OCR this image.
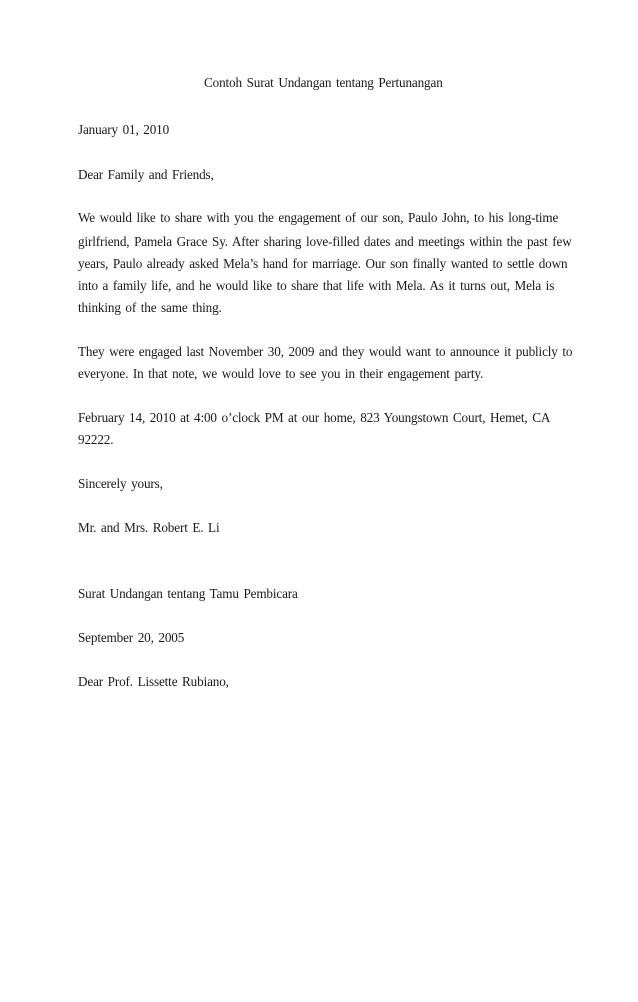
Contoh Surat Undangan tentang Pertunangan

January 01, 2010

Dear Family and Friends,

We would like to share with you the engagement of our son, Paulo John, to his long-time

girlfriend, Pamela Grace Sy. After sharing love-filled dates and meetings within the past few

years, Paulo already asked Mela’s hand for marriage. Our son finally wanted to settle down

into a family life, and he would like to share that life with Mela. As it turns out, Mela is

thinking of the same thing.

They were engaged last November 30, 2009 and they would want to announce it publicly to

everyone. In that note, we would love to see you in their engagement party.

February 14, 2010 at 4:00 o’clock PM at our home, 823 Youngstown Court, Hemet, CA

92222.

Sincerely yours,

Mr. and Mrs. Robert E. Li

Surat Undangan tentang Tamu Pembicara

September 20, 2005

Dear Prof. Lissette Rubiano,
